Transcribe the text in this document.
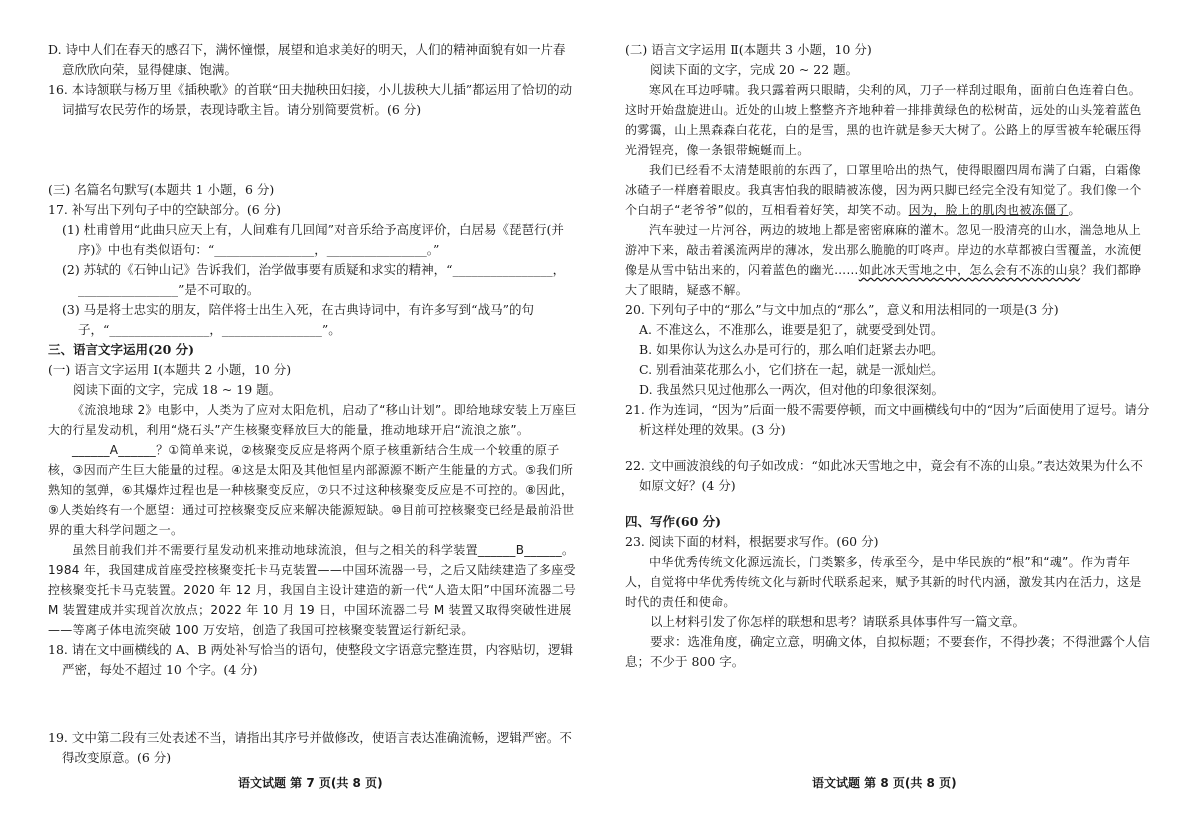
D. 诗中人们在春天的感召下，满怀憧憬，展望和追求美好的明天，人们的精神面貌有如一片春意欣欣向荣，显得健康、饱满。

16. 本诗颔联与杨万里《插秧歌》的首联“田夫抛秧田妇接，小儿拔秧大儿插”都运用了恰切的动词描写农民劳作的场景，表现诗歌主旨。请分别简要赏析。(6 分)

(三) 名篇名句默写(本题共 1 小题，6 分)

17. 补写出下列句子中的空缺部分。(6 分)

(1) 杜甫曾用“此曲只应天上有，人间难有几回闻”对音乐给予高度评价，白居易《琵琶行(并序)》中也有类似语句：“________________，________________。”

(2) 苏轼的《石钟山记》告诉我们，治学做事要有质疑和求实的精神，“________________，________________”是不可取的。

(3) 马是将士忠实的朋友，陪伴将士出生入死，在古典诗词中，有许多写到“战马”的句子，“________________，________________”。

三、语言文字运用(20 分)

(一) 语言文字运用 Ⅰ(本题共 2 小题，10 分)

阅读下面的文字，完成 18 ~ 19 题。

《流浪地球 2》电影中，人类为了应对太阳危机，启动了“移山计划”。即给地球安装上万座巨大的行星发动机，利用“烧石头”产生核聚变释放巨大的能量，推动地球开启“流浪之旅”。

______A______？①简单来说，②核聚变反应是将两个原子核重新结合生成一个较重的原子核，③因而产生巨大能量的过程。④这是太阳及其他恒星内部源源不断产生能量的方式。⑤我们所熟知的氢弹，⑥其爆炸过程也是一种核聚变反应，⑦只不过这种核聚变反应是不可控的。⑧因此，⑨人类始终有一个愿望：通过可控核聚变反应来解决能源短缺。⑩目前可控核聚变已经是最前沿世界的重大科学问题之一。

虽然目前我们并不需要行星发动机来推动地球流浪，但与之相关的科学装置______B______。1984 年，我国建成首座受控核聚变托卡马克装置——中国环流器一号，之后又陆续建造了多座受控核聚变托卡马克装置。2020 年 12 月，我国自主设计建造的新一代“人造太阳”中国环流器二号 M 装置建成并实现首次放点；2022 年 10 月 19 日，中国环流器二号 M 装置又取得突破性进展——等离子体电流突破 100 万安培，创造了我国可控核聚变装置运行新纪录。

18. 请在文中画横线的 A、B 两处补写恰当的语句，使整段文字语意完整连贯，内容贴切，逻辑严密，每处不超过 10 个字。(4 分)

19. 文中第二段有三处表述不当，请指出其序号并做修改，使语言表达准确流畅，逻辑严密。不得改变原意。(6 分)

(二) 语言文字运用 Ⅱ(本题共 3 小题，10 分)

阅读下面的文字，完成 20 ~ 22 题。

寒风在耳边呼啸。我只露着两只眼睛，尖利的风，刀子一样刮过眼角，面前白色连着白色。这时开始盘旋进山。近处的山坡上整整齐齐地种着一排排黄绿色的松树苗，远处的山头笼着蓝色的雾霭，山上黑森森白花花，白的是雪，黑的也许就是参天大树了。公路上的厚雪被车轮碾压得光滑锃亮，像一条银带蜿蜒而上。

我们已经看不太清楚眼前的东西了，口罩里哈出的热气，使得眼圈四周布满了白霜，白霜像冰碴子一样磨着眼皮。我真害怕我的眼睛被冻傻，因为两只脚已经完全没有知觉了。我们像一个个白胡子“老爷爷”似的，互相看着好笑，却笑不动。因为，脸上的肌肉也被冻僵了。

汽车驶过一片河谷，两边的坡地上都是密密麻麻的灌木。忽见一股清亮的山水，湍急地从上游冲下来，敲击着溪流两岸的薄冰，发出那么脆脆的叮咚声。岸边的水草都被白雪覆盖，水流便像是从雪中钻出来的，闪着蓝色的幽光……如此冰天雪地之中，怎么会有不冻的山泉？我们都睁大了眼睛，疑惑不解。

20. 下列句子中的“那么”与文中加点的“那么”，意义和用法相同的一项是(3 分)

A. 不准这么，不准那么，谁要是犯了，就要受到处罚。

B. 如果你认为这么办是可行的，那么咱们赶紧去办吧。

C. 别看油菜花那么小，它们挤在一起，就是一派灿烂。

D. 我虽然只见过他那么一两次，但对他的印象很深刻。

21. 作为连词，“因为”后面一般不需要停顿，而文中画横线句中的“因为”后面使用了逗号。请分析这样处理的效果。(3 分)

22. 文中画波浪线的句子如改成：“如此冰天雪地之中，竟会有不冻的山泉。”表达效果为什么不如原文好？(4 分)

四、写作(60 分)

23. 阅读下面的材料，根据要求写作。(60 分)

中华优秀传统文化源远流长，门类繁多，传承至今，是中华民族的“根”和“魂”。作为青年人，自觉将中华优秀传统文化与新时代联系起来，赋予其新的时代内涵，激发其内在活力，这是时代的责任和使命。

以上材料引发了你怎样的联想和思考？请联系具体事件写一篇文章。

要求：选准角度，确定立意，明确文体，自拟标题；不要套作，不得抄袭；不得泄露个人信息；不少于 800 字。

语文试题 第 7 页(共 8 页)	语文试题 第 8 页(共 8 页)
